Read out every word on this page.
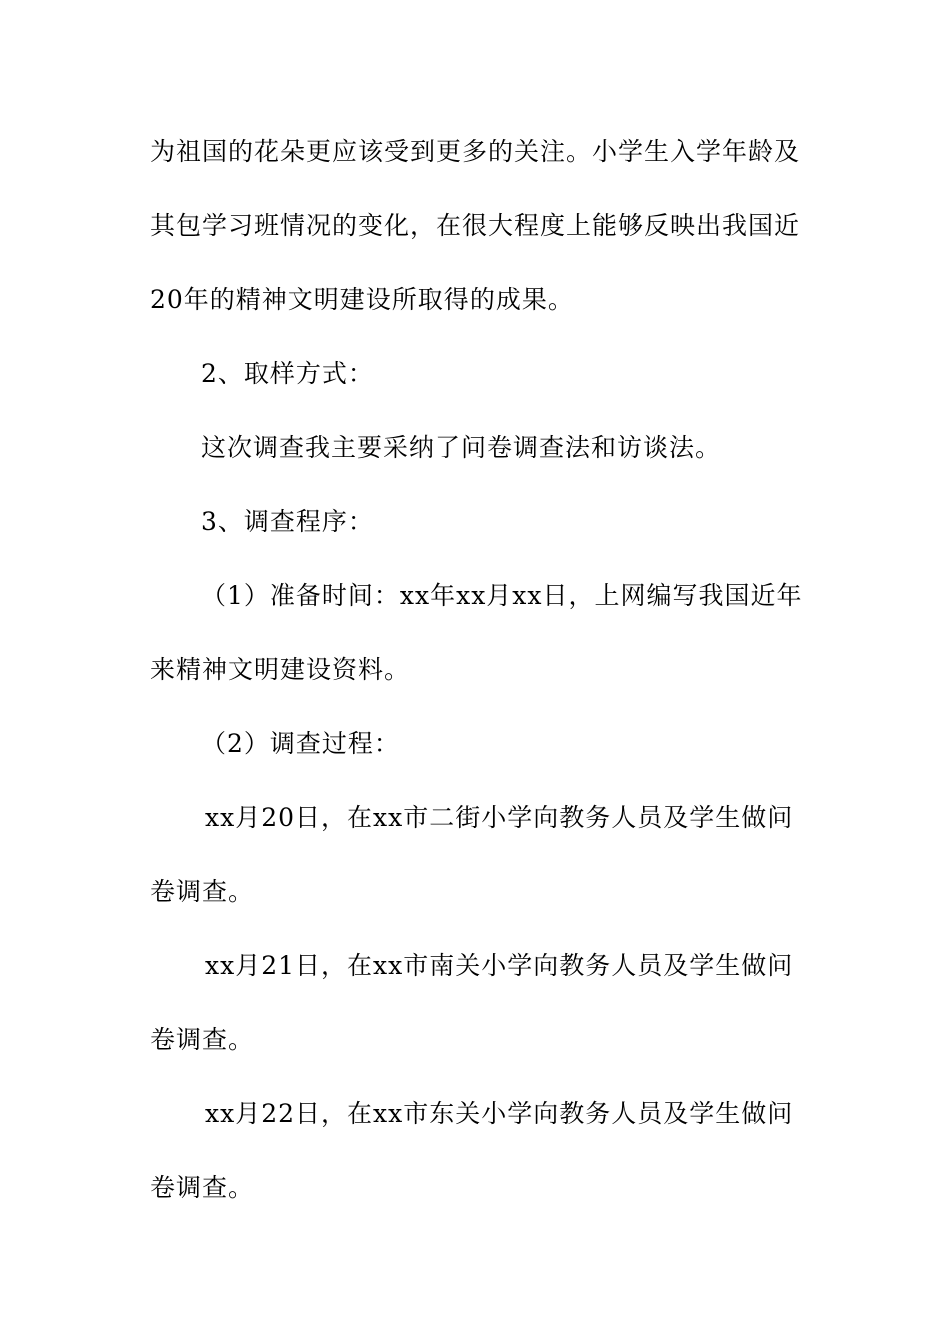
为祖国的花朵更应该受到更多的关注。小学生入学年龄及
其包学习班情况的变化，在很大程度上能够反映出我国近
20年的精神文明建设所取得的成果。
2、取样方式：
这次调查我主要采纳了问卷调查法和访谈法。
3、调查程序：
（1）准备时间：xx年xx月xx日，上网编写我国近年
来精神文明建设资料。
（2）调查过程：
xx月20日，在xx市二街小学向教务人员及学生做问
卷调查。
xx月21日，在xx市南关小学向教务人员及学生做问
卷调查。
xx月22日，在xx市东关小学向教务人员及学生做问
卷调查。
